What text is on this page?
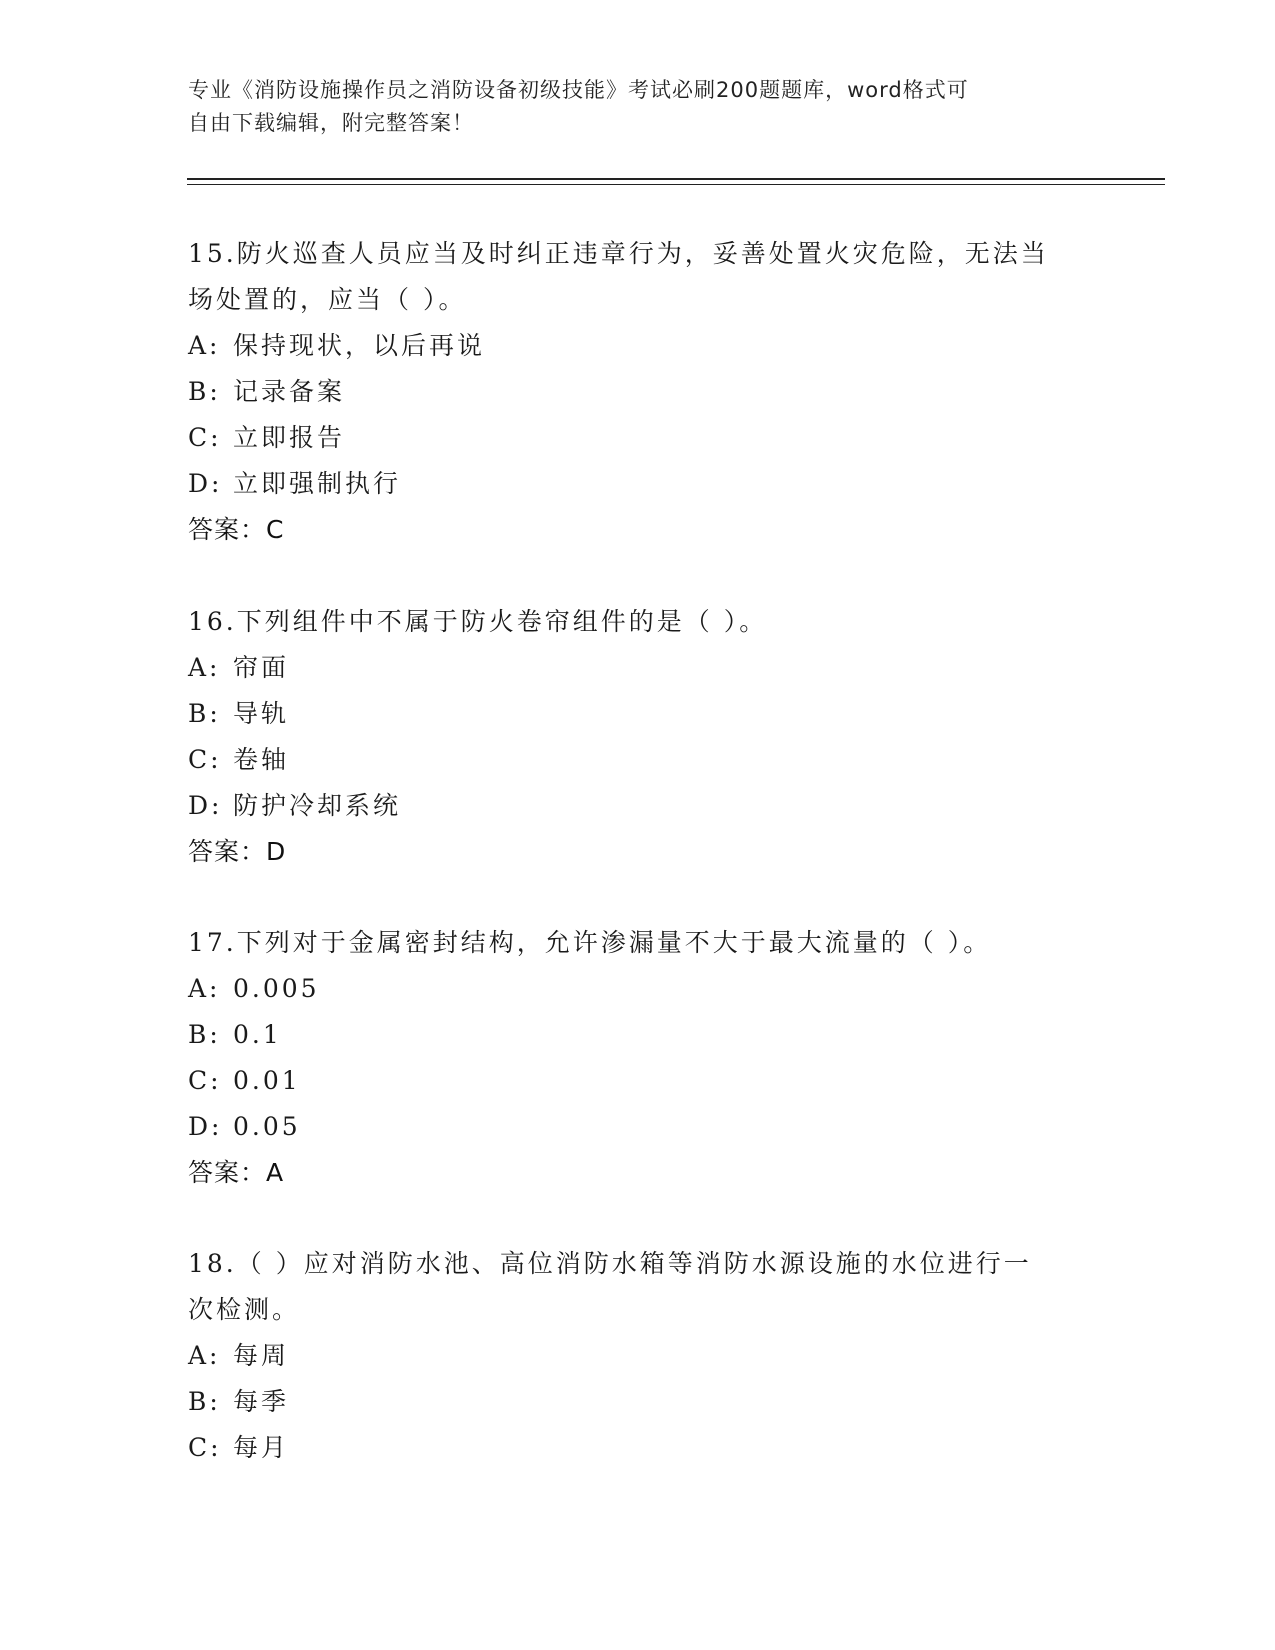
专业《消防设施操作员之消防设备初级技能》考试必刷200题题库，word格式可
自由下载编辑，附完整答案！
15.防火巡查人员应当及时纠正违章行为，妥善处置火灾危险，无法当
场处置的，应当（ ）。
A: 保持现状，以后再说
B: 记录备案
C: 立即报告
D: 立即强制执行
答案：C
16.下列组件中不属于防火卷帘组件的是（ ）。
A: 帘面
B: 导轨
C: 卷轴
D: 防护冷却系统
答案：D
17.下列对于金属密封结构，允许渗漏量不大于最大流量的（ ）。
A: 0.005
B: 0.1
C: 0.01
D: 0.05
答案：A
18.（ ）应对消防水池、高位消防水箱等消防水源设施的水位进行一
次检测。
A: 每周
B: 每季
C: 每月
